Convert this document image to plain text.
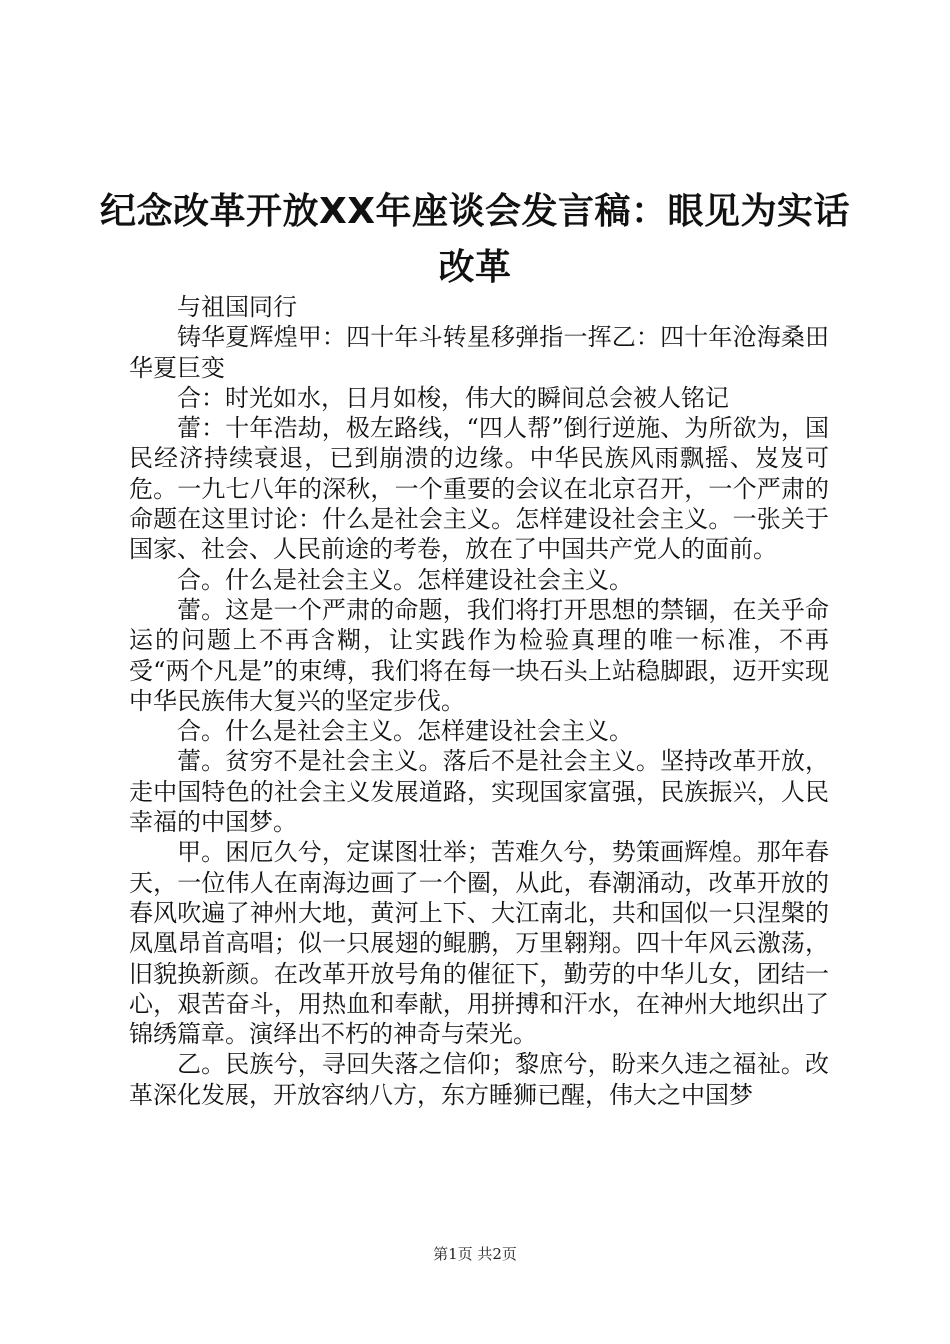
纪念改革开放XX年座谈会发言稿：眼见为实话改革

与祖国同行

铸华夏辉煌甲：四十年斗转星移弹指一挥乙：四十年沧海桑田华夏巨变

合：时光如水，日月如梭，伟大的瞬间总会被人铭记

蕾：十年浩劫，极左路线，“四人帮”倒行逆施、为所欲为，国民经济持续衰退，已到崩溃的边缘。中华民族风雨飘摇、岌岌可危。一九七八年的深秋，一个重要的会议在北京召开，一个严肃的命题在这里讨论：什么是社会主义。怎样建设社会主义。一张关于国家、社会、人民前途的考卷，放在了中国共产党人的面前。

合。什么是社会主义。怎样建设社会主义。

蕾。这是一个严肃的命题，我们将打开思想的禁锢，在关乎命运的问题上不再含糊，让实践作为检验真理的唯一标准，不再受“两个凡是”的束缚，我们将在每一块石头上站稳脚跟，迈开实现中华民族伟大复兴的坚定步伐。

合。什么是社会主义。怎样建设社会主义。

蕾。贫穷不是社会主义。落后不是社会主义。坚持改革开放，走中国特色的社会主义发展道路，实现国家富强，民族振兴，人民幸福的中国梦。

甲。困厄久兮，定谋图壮举；苦难久兮，势策画辉煌。那年春天，一位伟人在南海边画了一个圈，从此，春潮涌动，改革开放的春风吹遍了神州大地，黄河上下、大江南北，共和国似一只涅槃的凤凰昂首高唱；似一只展翅的鲲鹏，万里翱翔。四十年风云激荡，旧貌换新颜。在改革开放号角的催征下，勤劳的中华儿女，团结一心，艰苦奋斗，用热血和奉献，用拼搏和汗水，在神州大地织出了锦绣篇章。演绎出不朽的神奇与荣光。

乙。民族兮，寻回失落之信仰；黎庶兮，盼来久违之福祉。改革深化发展，开放容纳八方，东方睡狮已醒，伟大之中国梦

第1页 共2页
